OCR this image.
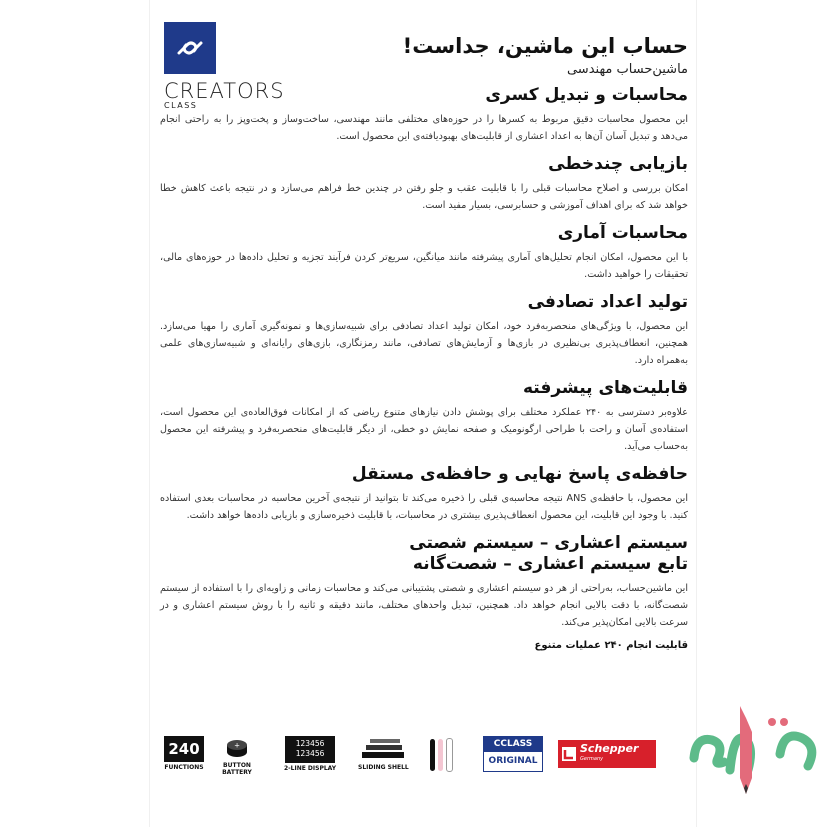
CREATORS
CLASS
حساب این ماشین، جداست!
ماشین‌حساب مهندسی
محاسبات و تبدیل کسری
این محصول محاسبات دقیق مربوط به کسرها را در حوزه‌های مختلفی مانند مهندسی، ساخت‌وساز و پخت‌وپز را به راحتی انجام می‌دهد و تبدیل آسان آن‌ها به اعداد اعشاری از قابلیت‌های بهبودیافته‌ی این محصول است.
بازیابی چندخطی
امکان بررسی و اصلاح محاسبات قبلی را با قابلیت عقب و جلو رفتن در چندین خط فراهم می‌سازد و در نتیجه باعث کاهش خطا خواهد شد که برای اهداف آموزشی و حسابرسی، بسیار مفید است.
محاسبات آماری
با این محصول، امکان انجام تحلیل‌های آماری پیشرفته مانند میانگین، سریع‌تر کردن فرآیند تجزیه و تحلیل داده‌ها در حوزه‌های مالی، تحقیقات را خواهید داشت.
تولید اعداد تصادفی
این محصول، با ویژگی‌های منحصربه‌فرد خود، امکان تولید اعداد تصادفی برای شبیه‌سازی‌ها و نمونه‌گیری آماری را مهیا می‌سازد. همچنین، انعطاف‌پذیری بی‌نظیری در بازی‌ها و آزمایش‌های تصادفی، مانند رمزنگاری، بازی‌های رایانه‌ای و شبیه‌سازی‌های علمی به‌همراه دارد.
قابلیت‌های پیشرفته
علاوه‌بر دسترسی به ۲۴۰ عملکرد مختلف برای پوشش دادن نیازهای متنوع ریاضی که از امکانات فوق‌العاده‌ی این محصول است، استفاده‌ی آسان و راحت با طراحی ارگونومیک و صفحه نمایش دو خطی، از دیگر قابلیت‌های منحصربه‌فرد و پیشرفته این محصول به‌حساب می‌آید.
حافظه‌ی پاسخ نهایی و حافظه‌ی مستقل
این محصول، با حافظه‌ی ANS نتیجه محاسبه‌ی قبلی را ذخیره می‌کند تا بتوانید از نتیجه‌ی آخرین محاسبه در محاسبات بعدی استفاده کنید. با وجود این قابلیت، این محصول انعطاف‌پذیری بیشتری در محاسبات، با قابلیت ذخیره‌سازی و بازیابی داده‌ها خواهد داشت.
سیستم اعشاری – سیستم شصتی
تابع سیستم اعشاری – شصت‌گانه
این ماشین‌حساب، به‌راحتی از هر دو سیستم اعشاری و شصتی پشتیبانی می‌کند و محاسبات زمانی و زاویه‌ای را با استفاده از سیستم شصت‌گانه، با دقت بالایی انجام خواهد داد. همچنین، تبدیل واحدهای مختلف، مانند دقیقه و ثانیه را با روش سیستم اعشاری و در سرعت بالایی امکان‌پذیر می‌کند.
قابلیت انجام ۲۴۰ عملیات متنوع
240
FUNCTIONS
+
BUTTON
BATTERY
123456
123456
2-LINE DISPLAY	SLIDING SHELL
CCLASS
ORIGINAL
Schepper
Germany
